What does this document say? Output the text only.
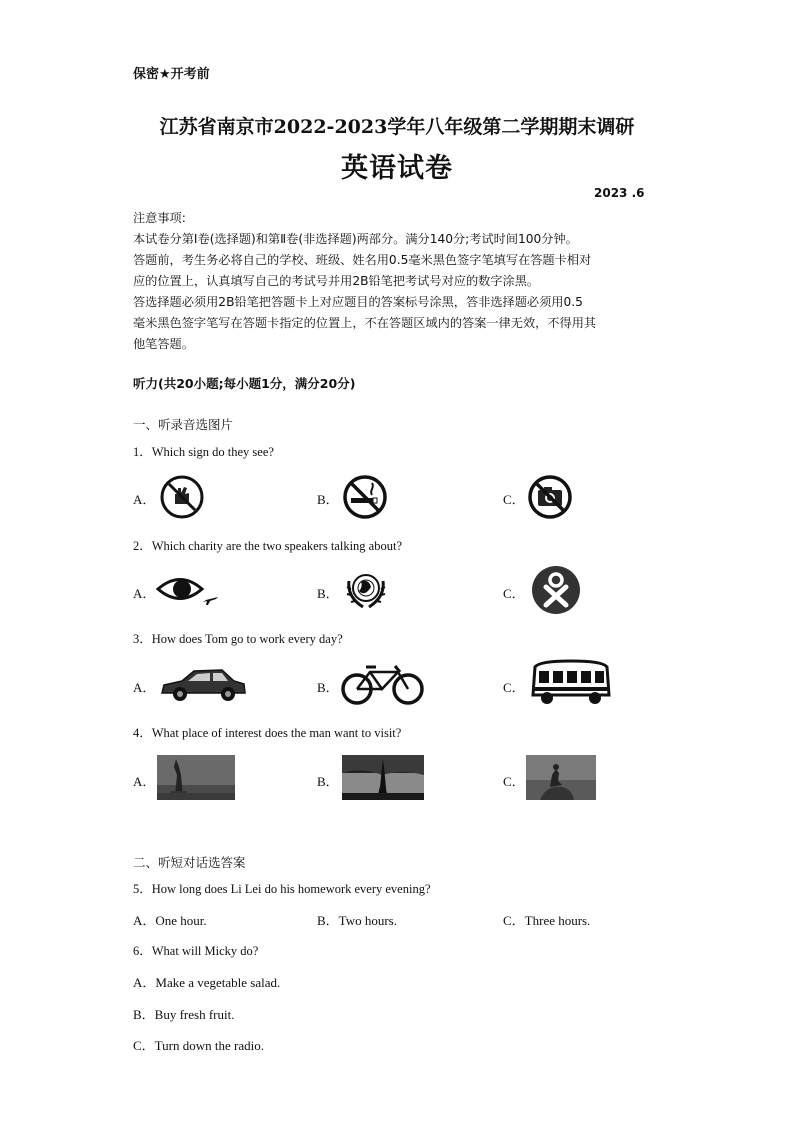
保密★开考前
江苏省南京市2022-2023学年八年级第二学期期末调研
英语试卷
2023 .6

注意事项:

本试卷分第Ⅰ卷(选择题)和第Ⅱ卷(非选择题)两部分。满分140分;考试时间100分钟。

答题前，考生务必将自己的学校、班级、姓名用0.5毫米黑色签字笔填写在答题卡相对

应的位置上，认真填写自己的考试号并用2B铅笔把考试号对应的数字涂黑。

答选择题必须用2B铅笔把答题卡上对应题目的答案标号涂黑，答非选择题必须用0.5

毫米黑色签字笔写在答题卡指定的位置上，不在答题区域内的答案一律无效，不得用其

他笔答题。

听力(共20小题;每小题1分，满分20分)
一、听录音选图片
1．Which sign do they see?
A．	B．	C．
2．Which charity are the two speakers talking about?
A．	B．	C．
3．How does Tom go to work every day?
A．	B．	C．
4．What place of interest does the man want to visit?
A．	B．	C．
二、听短对话选答案
5．How long does Li Lei do his homework every evening?
A．One hour.	B．Two hours.	C．Three hours.
6．What will Micky do?
A．Make a vegetable salad.
B．Buy fresh fruit.
C．Turn down the radio.
